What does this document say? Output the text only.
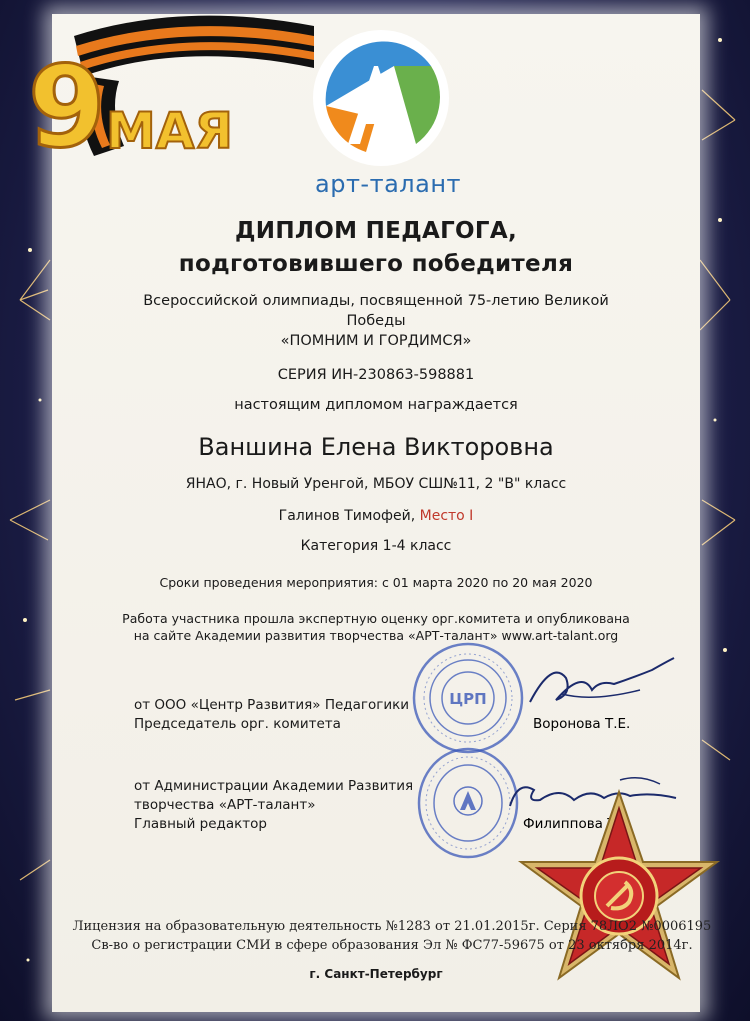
9 МАЯ
арт-талант
ДИПЛОМ ПЕДАГОГА,
подготовившего победителя
Всероссийской олимпиады, посвященной 75-летию Великой
Победы
«ПОМНИМ И ГОРДИМСЯ»
СЕРИЯ ИН-230863-598881
настоящим дипломом награждается
Ваншина Елена Викторовна
ЯНАО, г. Новый Уренгой, МБОУ СШ№11, 2 "В" класс
Галинов Тимофей, Место I
Категория 1-4 класс
Сроки проведения мероприятия: с 01 марта 2020 по 20 мая 2020
Работа участника прошла экспертную оценку орг.комитета и опубликована
на сайте Академии развития творчества «АРТ-талант» www.art-talant.org
ЦРП
от ООО «Центр Развития» Педагогики
Председатель орг. комитета	Воронова Т.Е.
от Администрации Академии Развития
творчества «АРТ-талант»
Главный редактор	Филиппова Т.Е.
Лицензия на образовательную деятельность №1283 от 21.01.2015г. Серия 78ЛО2 №0006195
Св-во о регистрации СМИ в сфере образования Эл № ФС77-59675 от 23 октября 2014г.
г. Санкт-Петербург
